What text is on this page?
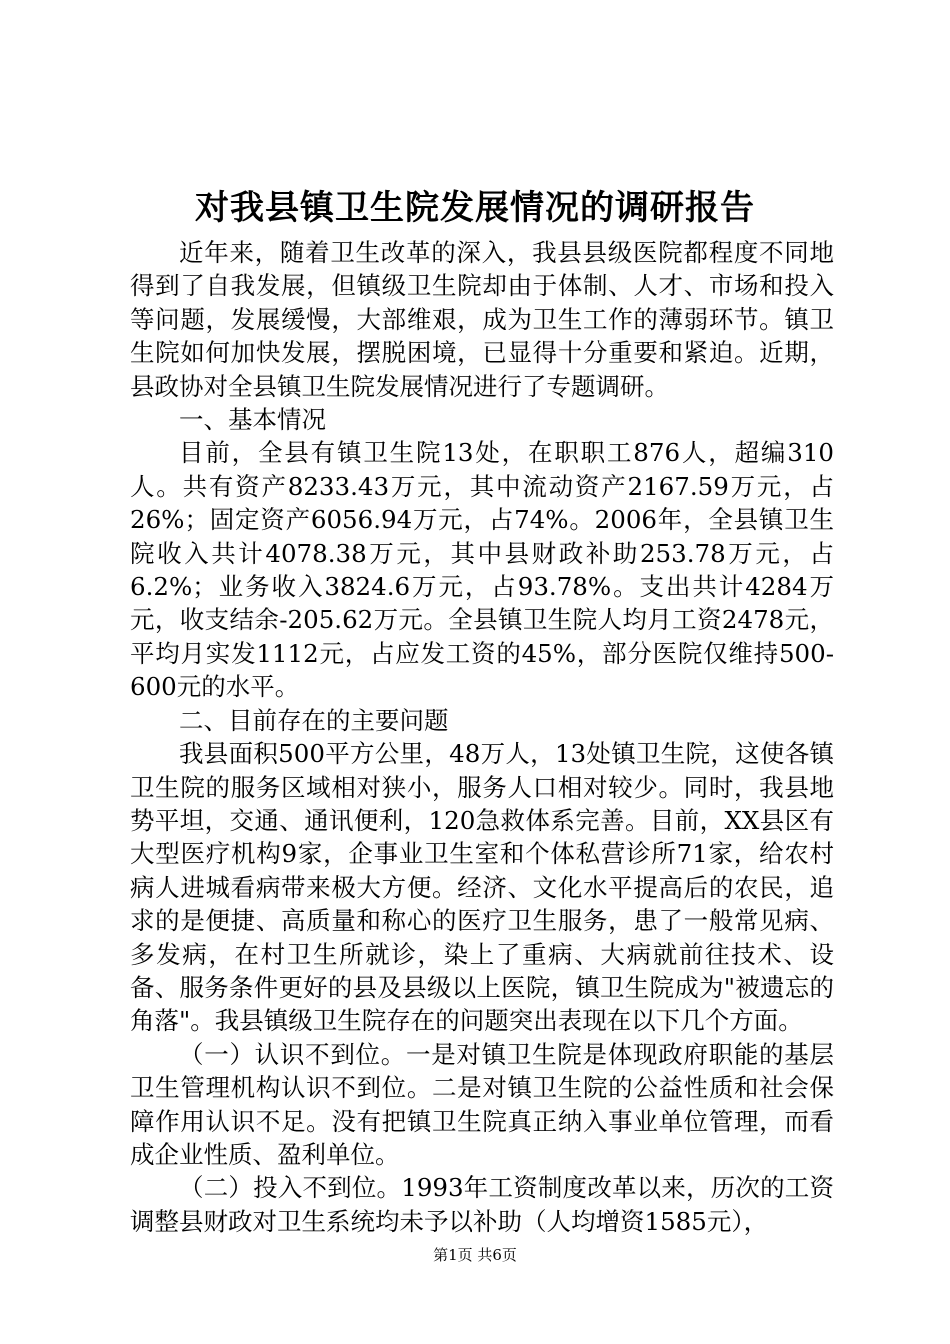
对我县镇卫生院发展情况的调研报告

近年来，随着卫生改革的深入，我县县级医院都程度不同地得到了自我发展，但镇级卫生院却由于体制、人才、市场和投入等问题，发展缓慢，大部维艰，成为卫生工作的薄弱环节。镇卫生院如何加快发展，摆脱困境，已显得十分重要和紧迫。近期，县政协对全县镇卫生院发展情况进行了专题调研。

一、基本情况

目前，全县有镇卫生院13处，在职职工876人，超编310人。共有资产8233.43万元，其中流动资产2167.59万元，占26%；固定资产6056.94万元，占74%。2006年，全县镇卫生院收入共计4078.38万元，其中县财政补助253.78万元，占6.2%；业务收入3824.6万元，占93.78%。支出共计4284万元，收支结余-205.62万元。全县镇卫生院人均月工资2478元，平均月实发1112元，占应发工资的45%，部分医院仅维持500-600元的水平。

二、目前存在的主要问题

我县面积500平方公里，48万人，13处镇卫生院，这使各镇卫生院的服务区域相对狭小，服务人口相对较少。同时，我县地势平坦，交通、通讯便利，120急救体系完善。目前，XX县区有大型医疗机构9家，企事业卫生室和个体私营诊所71家，给农村病人进城看病带来极大方便。经济、文化水平提高后的农民，追求的是便捷、高质量和称心的医疗卫生服务，患了一般常见病、多发病，在村卫生所就诊，染上了重病、大病就前往技术、设备、服务条件更好的县及县级以上医院，镇卫生院成为"被遗忘的角落"。我县镇级卫生院存在的问题突出表现在以下几个方面。

（一）认识不到位。一是对镇卫生院是体现政府职能的基层卫生管理机构认识不到位。二是对镇卫生院的公益性质和社会保障作用认识不足。没有把镇卫生院真正纳入事业单位管理，而看成企业性质、盈利单位。

（二）投入不到位。1993年工资制度改革以来，历次的工资调整县财政对卫生系统均未予以补助（人均增资1585元），

第1页 共6页
